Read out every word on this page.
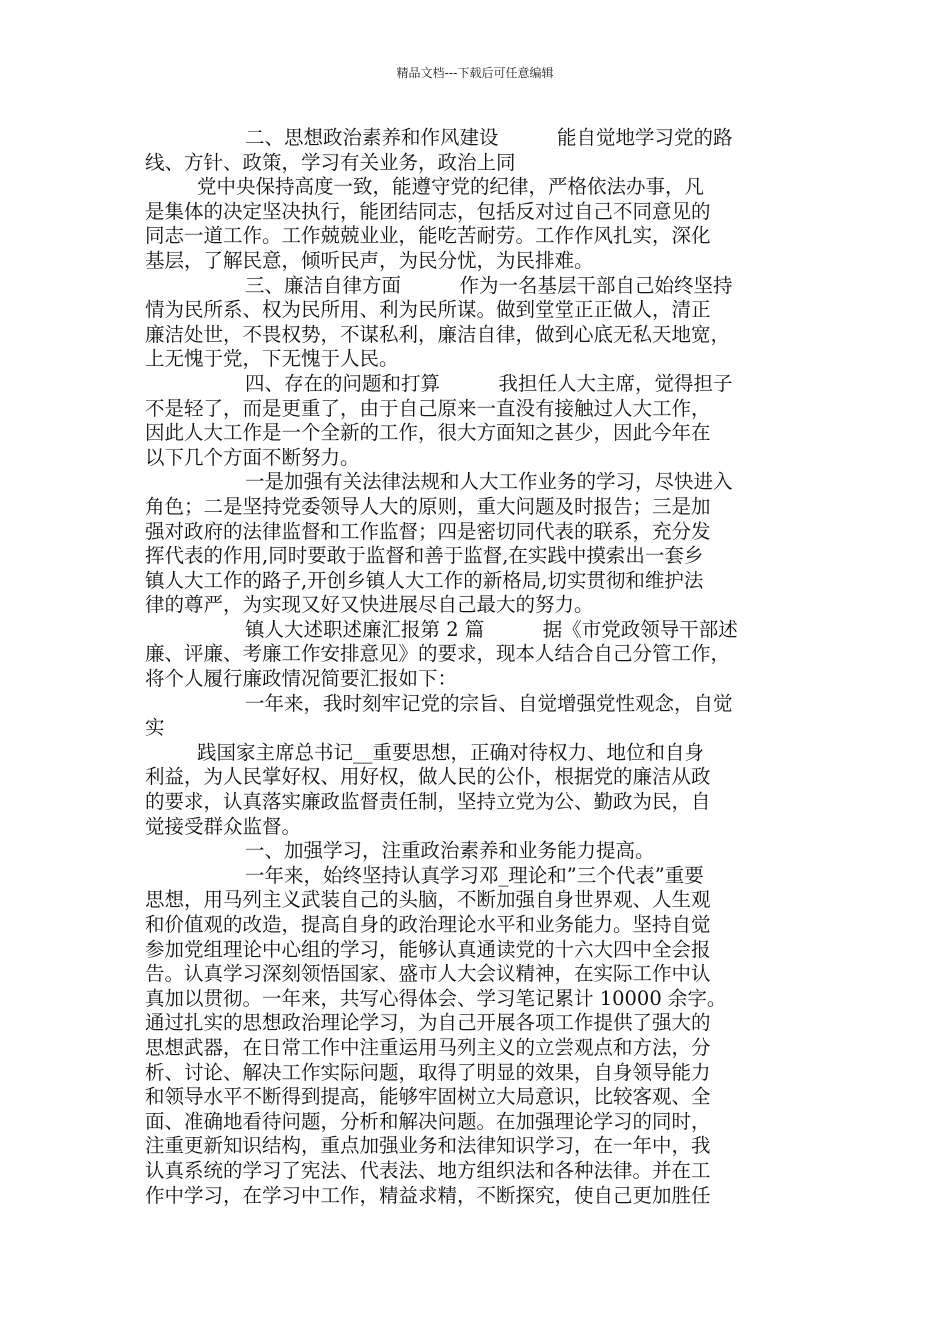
精品文档---下载后可任意编辑
二、思想政治素养和作风建设　　　能自觉地学习党的路
线、方针、政策，学习有关业务，政治上同
党中央保持高度一致，能遵守党的纪律，严格依法办事，凡
是集体的决定坚决执行，能团结同志，包括反对过自己不同意见的
同志一道工作。工作兢兢业业，能吃苦耐劳。工作作风扎实，深化
基层，了解民意，倾听民声，为民分忧，为民排难。
三、廉洁自律方面　　　作为一名基层干部自己始终坚持
情为民所系、权为民所用、利为民所谋。做到堂堂正正做人，清正
廉洁处世，不畏权势，不谋私利，廉洁自律，做到心底无私天地宽，
上无愧于党，下无愧于人民。
四、存在的问题和打算　　　我担任人大主席，觉得担子
不是轻了，而是更重了，由于自己原来一直没有接触过人大工作，
因此人大工作是一个全新的工作，很大方面知之甚少，因此今年在
以下几个方面不断努力。
一是加强有关法律法规和人大工作业务的学习，尽快进入
角色；二是坚持党委领导人大的原则，重大问题及时报告；三是加
强对政府的法律监督和工作监督；四是密切同代表的联系，充分发
挥代表的作用,同时要敢于监督和善于监督,在实践中摸索出一套乡
镇人大工作的路子,开创乡镇人大工作的新格局,切实贯彻和维护法
律的尊严，为实现又好又快进展尽自己最大的努力。
镇人大述职述廉汇报第 2 篇　　　据《市党政领导干部述
廉、评廉、考廉工作安排意见》的要求，现本人结合自己分管工作，
将个人履行廉政情况简要汇报如下：
一年来，我时刻牢记党的宗旨、自觉增强党性观念，自觉
实
践国家主席总书记__重要思想，正确对待权力、地位和自身
利益，为人民掌好权、用好权，做人民的公仆，根据党的廉洁从政
的要求，认真落实廉政监督责任制，坚持立党为公、勤政为民，自
觉接受群众监督。
一、加强学习，注重政治素养和业务能力提高。
一年来，始终坚持认真学习邓_理论和”三个代表”重要
思想，用马列主义武装自己的头脑，不断加强自身世界观、人生观
和价值观的改造，提高自身的政治理论水平和业务能力。坚持自觉
参加党组理论中心组的学习，能够认真通读党的十六大四中全会报
告。认真学习深刻领悟国家、盛市人大会议精神，在实际工作中认
真加以贯彻。一年来，共写心得体会、学习笔记累计 10000 余字。
通过扎实的思想政治理论学习，为自己开展各项工作提供了强大的
思想武器，在日常工作中注重运用马列主义的立尝观点和方法，分
析、讨论、解决工作实际问题，取得了明显的效果，自身领导能力
和领导水平不断得到提高，能够牢固树立大局意识，比较客观、全
面、准确地看待问题，分析和解决问题。在加强理论学习的同时，
注重更新知识结构，重点加强业务和法律知识学习，在一年中，我
认真系统的学习了宪法、代表法、地方组织法和各种法律。并在工
作中学习，在学习中工作，精益求精，不断探究，使自己更加胜任
